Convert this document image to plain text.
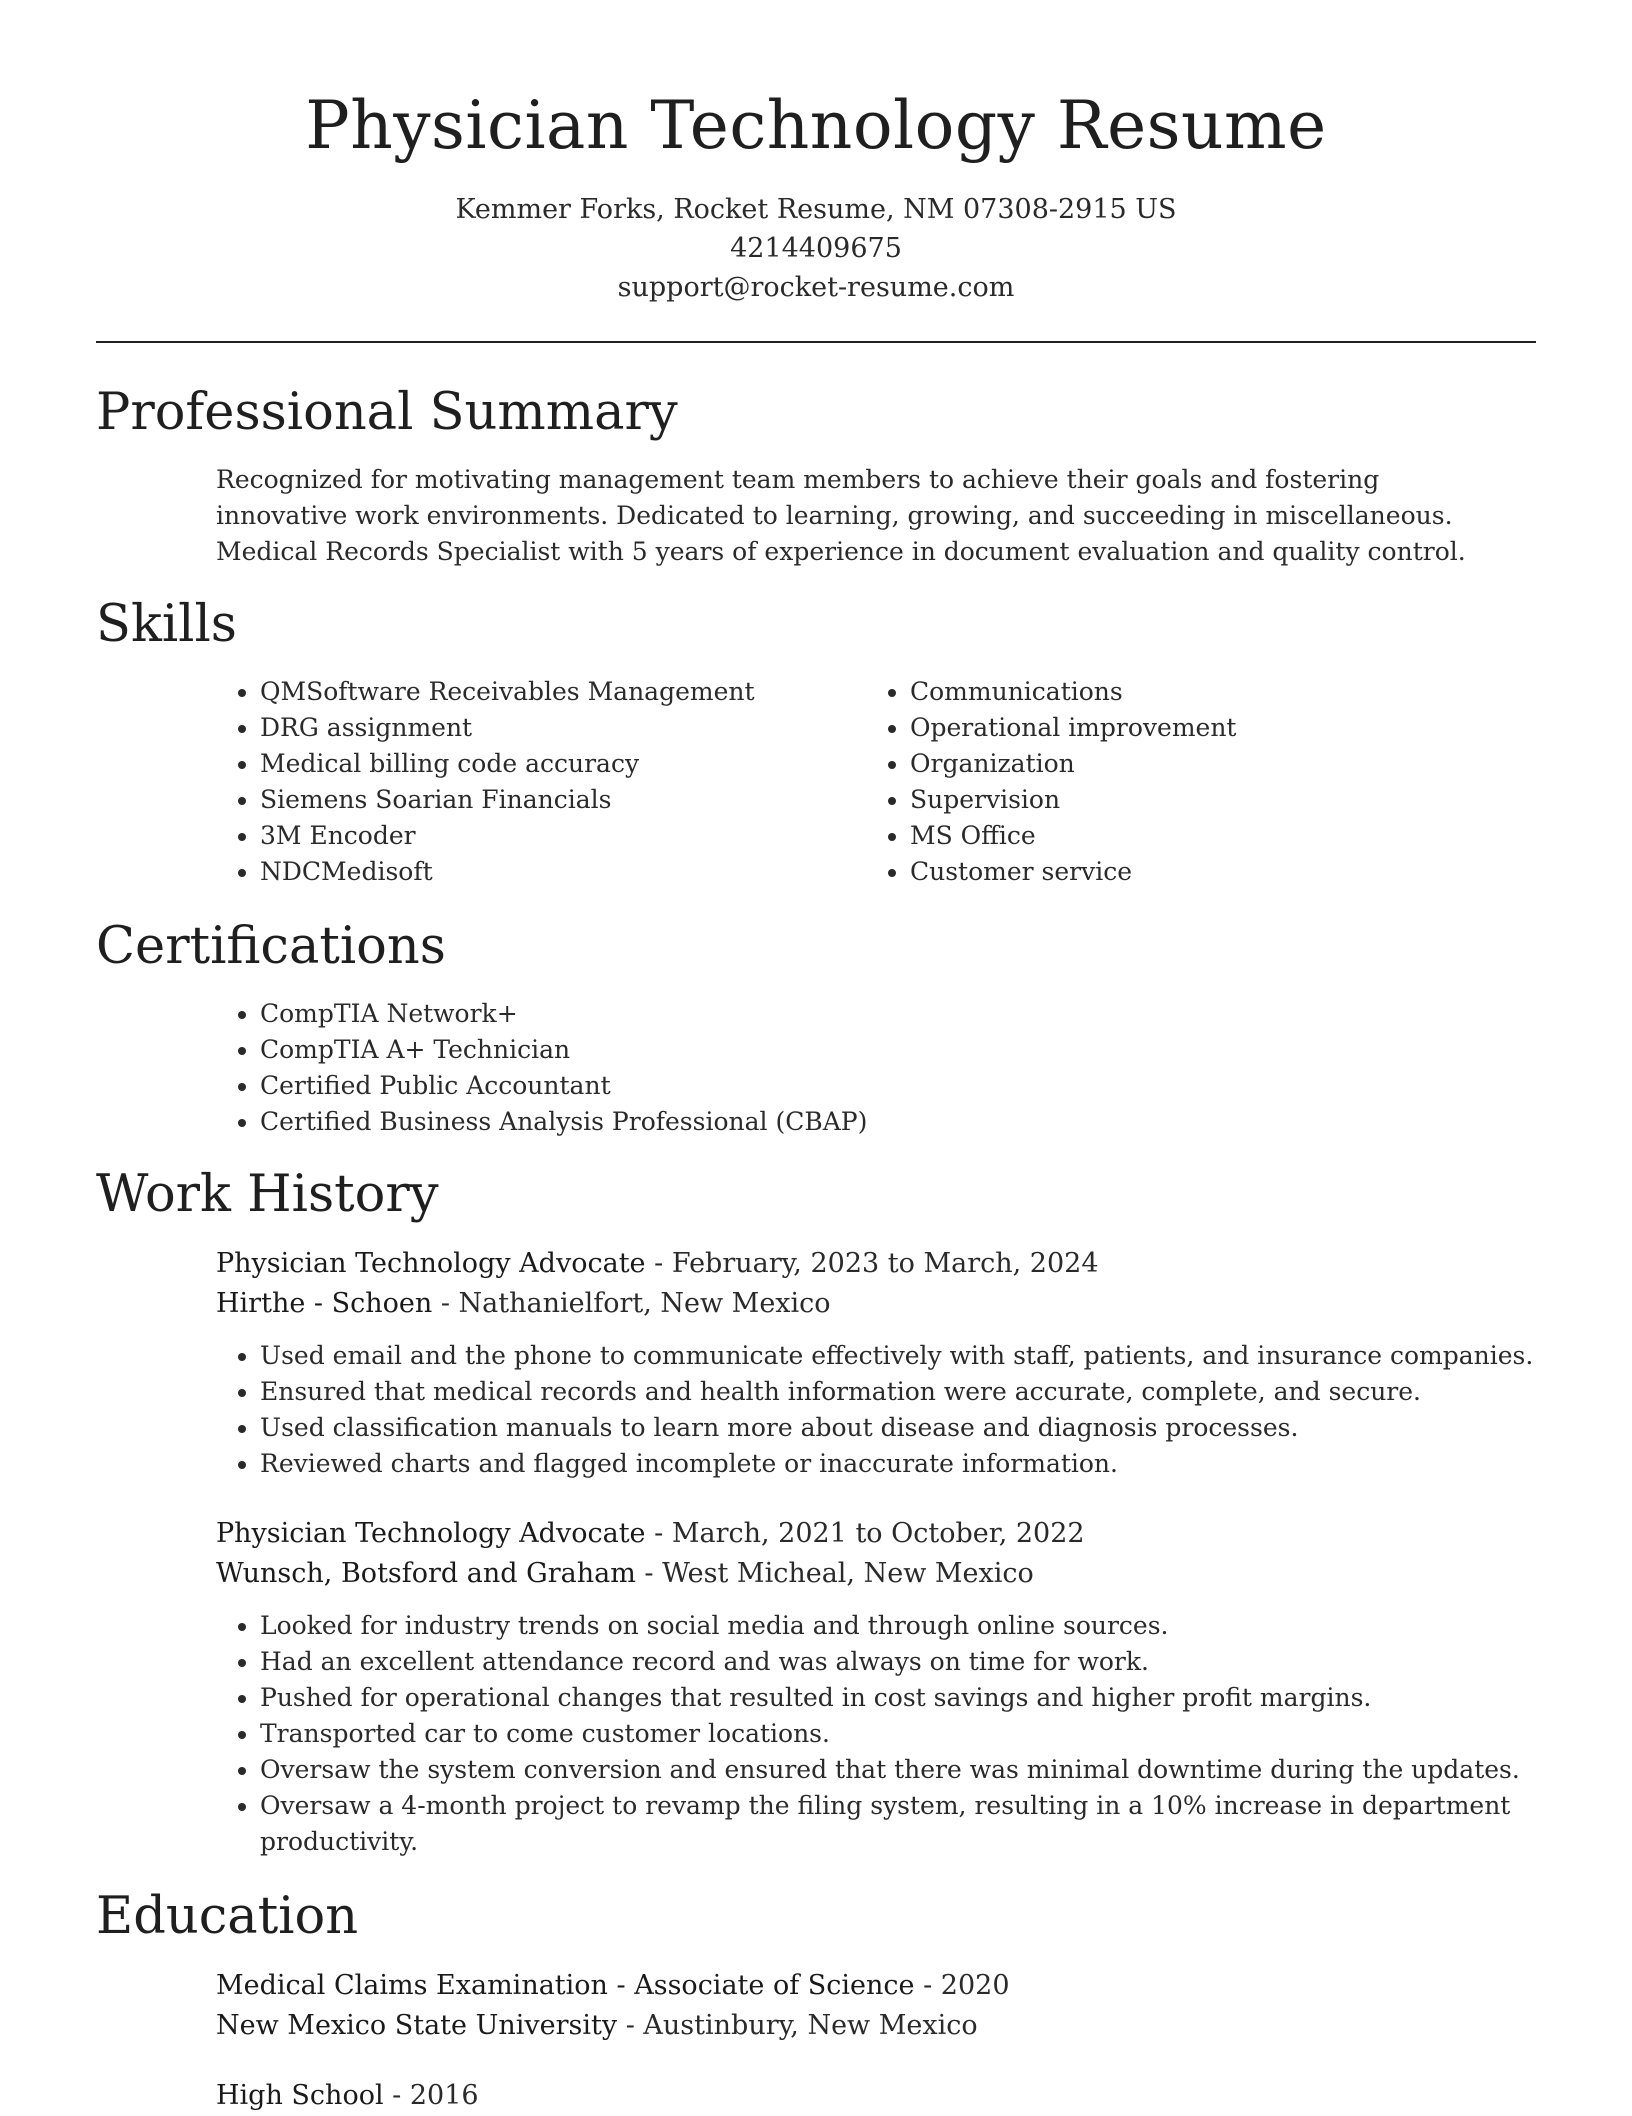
Physician Technology Resume
Kemmer Forks, Rocket Resume, NM 07308-2915 US
4214409675
support@rocket-resume.com
Professional Summary

Recognized for motivating management team members to achieve their goals and fostering innovative work environments. Dedicated to learning, growing, and succeeding in miscellaneous. Medical Records Specialist with 5 years of experience in document evaluation and quality control.

Skills
• QMSoftware Receivables Management
• DRG assignment
• Medical billing code accuracy
• Siemens Soarian Financials
• 3M Encoder
• NDCMedisoft
• Communications
• Operational improvement
• Organization
• Supervision
• MS Office
• Customer service
Certifications
• CompTIA Network+
• CompTIA A+ Technician
• Certified Public Accountant
• Certified Business Analysis Professional (CBAP)
Work History
Physician Technology Advocate - February, 2023 to March, 2024
Hirthe - Schoen - Nathanielfort, New Mexico
• Used email and the phone to communicate effectively with staff, patients, and insurance companies.
• Ensured that medical records and health information were accurate, complete, and secure.
• Used classification manuals to learn more about disease and diagnosis processes.
• Reviewed charts and flagged incomplete or inaccurate information.
Physician Technology Advocate - March, 2021 to October, 2022
Wunsch, Botsford and Graham - West Micheal, New Mexico
• Looked for industry trends on social media and through online sources.
• Had an excellent attendance record and was always on time for work.
• Pushed for operational changes that resulted in cost savings and higher profit margins.
• Transported car to come customer locations.
• Oversaw the system conversion and ensured that there was minimal downtime during the updates.
• Oversaw a 4-month project to revamp the filing system, resulting in a 10% increase in department productivity.
Education
Medical Claims Examination - Associate of Science - 2020
New Mexico State University - Austinbury, New Mexico
High School - 2016
